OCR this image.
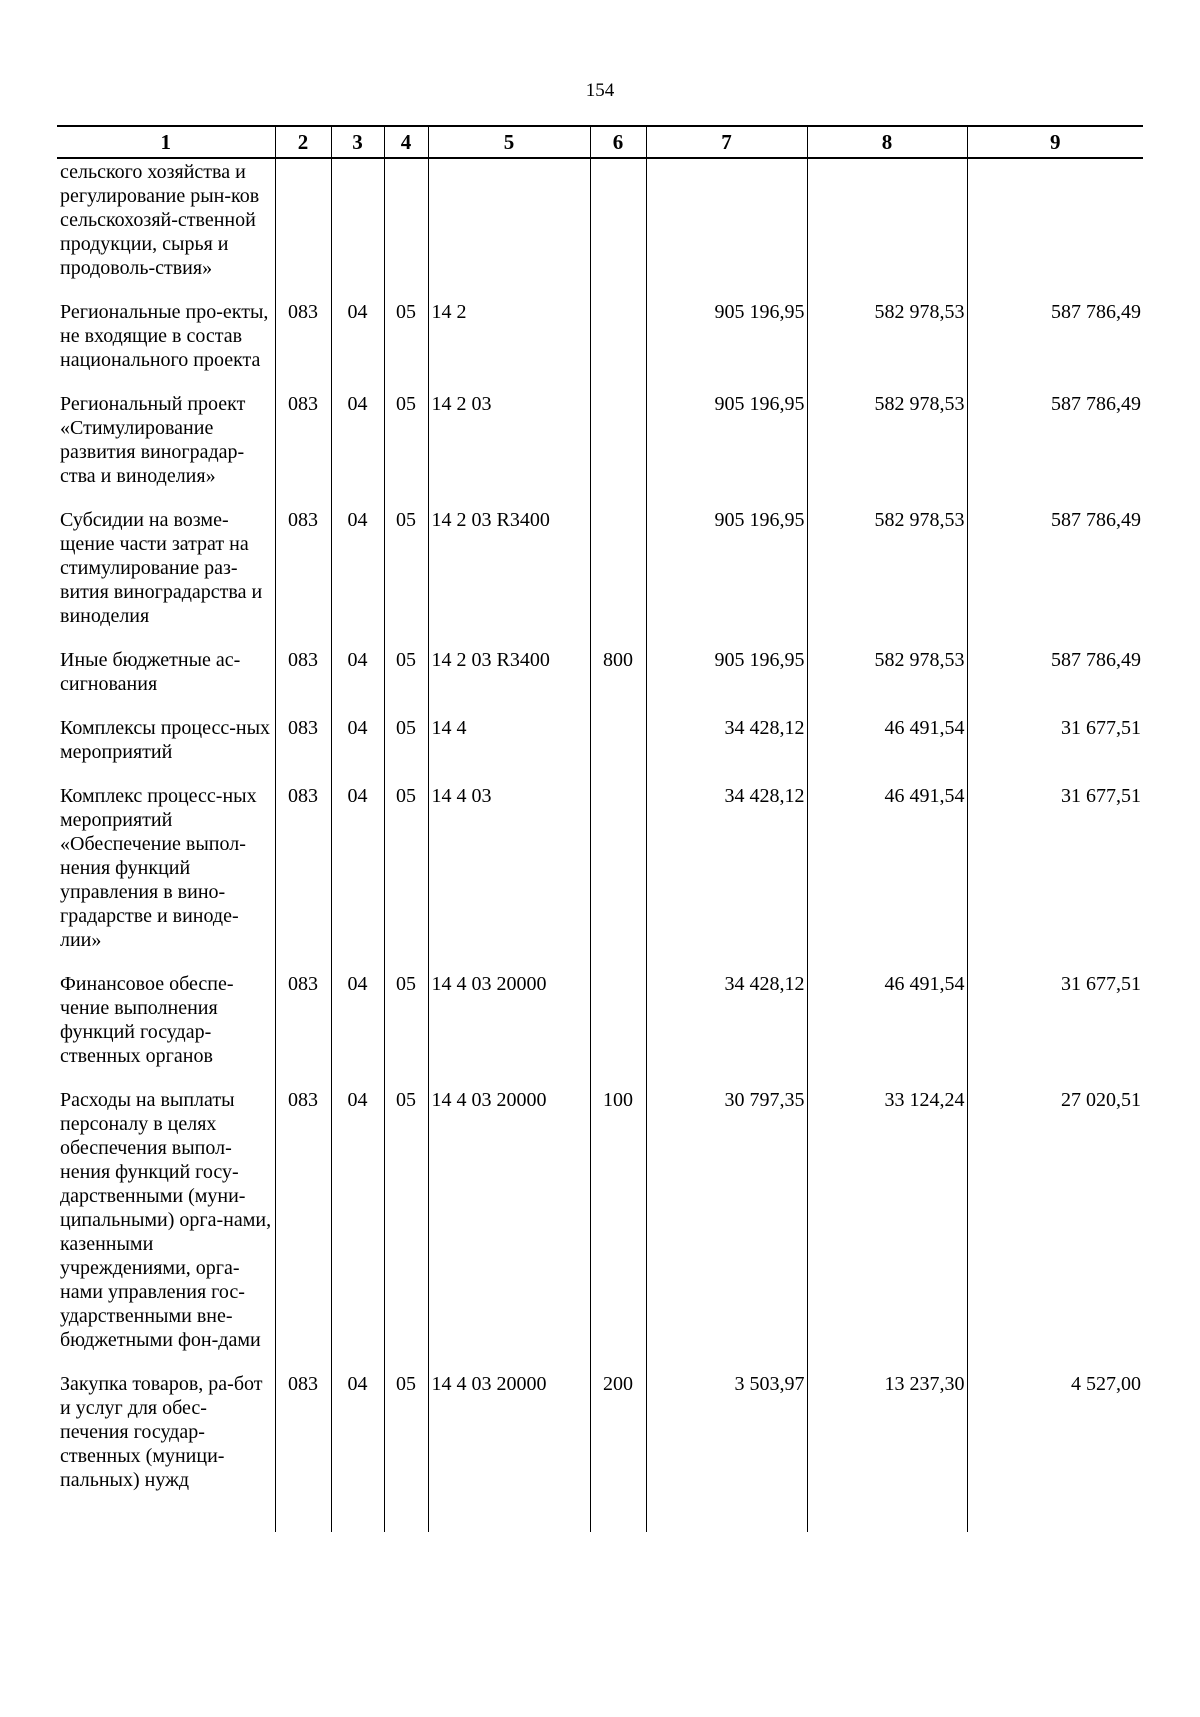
154
1	2	3	4	5	6	7	8	9
сельского хозяйства и регулирование рын-ков сельскохозяй-ственной продукции, сырья и продоволь-ствия»								
Региональные про-екты, не входящие в состав национального проекта	083	04	05	14 2		905 196,95	582 978,53	587 786,49
Региональный проект «Стимулирование развития виноградар-ства и виноделия»	083	04	05	14 2 03		905 196,95	582 978,53	587 786,49
Субсидии на возме-щение части затрат на стимулирование раз-вития виноградарства и виноделия	083	04	05	14 2 03 R3400		905 196,95	582 978,53	587 786,49
Иные бюджетные ас-сигнования	083	04	05	14 2 03 R3400	800	905 196,95	582 978,53	587 786,49
Комплексы процесс-ных мероприятий	083	04	05	14 4		34 428,12	46 491,54	31 677,51
Комплекс процесс-ных мероприятий «Обеспечение выпол-нения функций управления в вино-градарстве и виноде-лии»	083	04	05	14 4 03		34 428,12	46 491,54	31 677,51
Финансовое обеспе-чение выполнения функций государ-ственных органов	083	04	05	14 4 03 20000		34 428,12	46 491,54	31 677,51
Расходы на выплаты персоналу в целях обеспечения выпол-нения функций госу-дарственными (муни-ципальными) орга-нами, казенными учреждениями, орга-нами управления гос-ударственными вне-бюджетными фон-дами	083	04	05	14 4 03 20000	100	30 797,35	33 124,24	27 020,51
Закупка товаров, ра-бот и услуг для обес-печения государ-ственных (муници-пальных) нужд	083	04	05	14 4 03 20000	200	3 503,97	13 237,30	4 527,00
